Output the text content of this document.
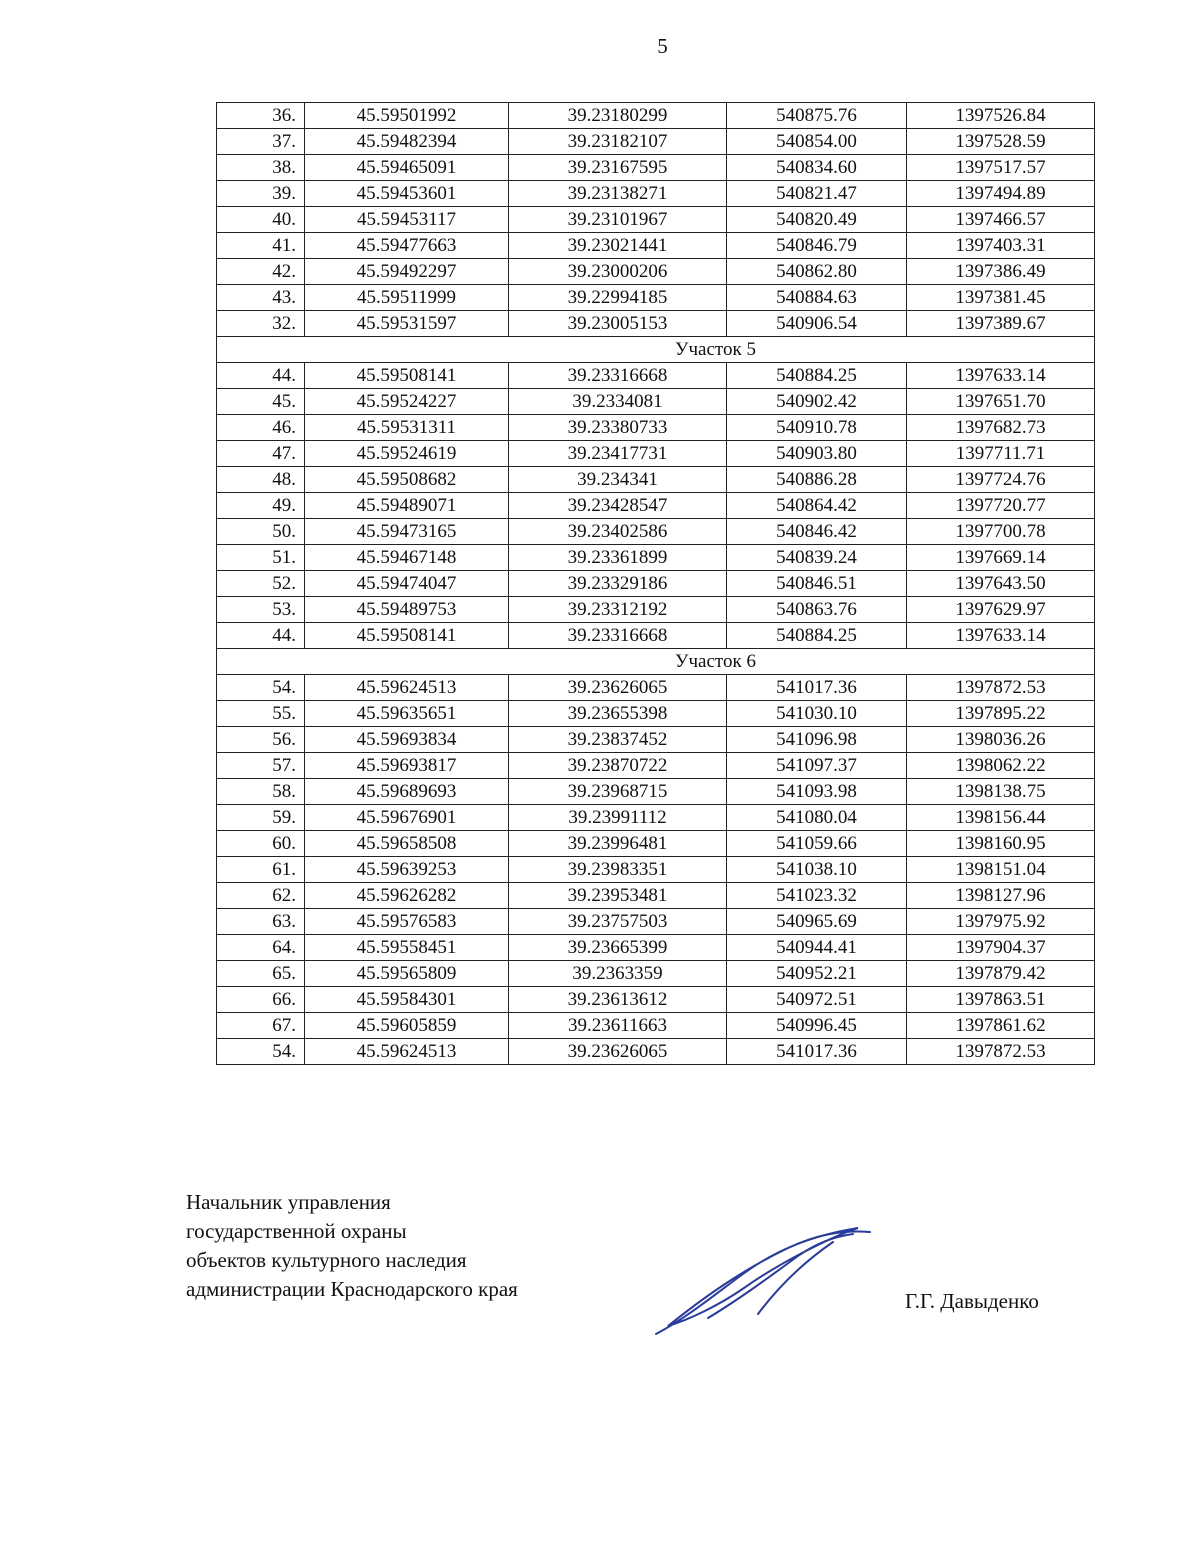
5
36.	45.59501992	39.23180299	540875.76	1397526.84
37.	45.59482394	39.23182107	540854.00	1397528.59
38.	45.59465091	39.23167595	540834.60	1397517.57
39.	45.59453601	39.23138271	540821.47	1397494.89
40.	45.59453117	39.23101967	540820.49	1397466.57
41.	45.59477663	39.23021441	540846.79	1397403.31
42.	45.59492297	39.23000206	540862.80	1397386.49
43.	45.59511999	39.22994185	540884.63	1397381.45
32.	45.59531597	39.23005153	540906.54	1397389.67
Участок 5				
44.	45.59508141	39.23316668	540884.25	1397633.14
45.	45.59524227	39.2334081	540902.42	1397651.70
46.	45.59531311	39.23380733	540910.78	1397682.73
47.	45.59524619	39.23417731	540903.80	1397711.71
48.	45.59508682	39.234341	540886.28	1397724.76
49.	45.59489071	39.23428547	540864.42	1397720.77
50.	45.59473165	39.23402586	540846.42	1397700.78
51.	45.59467148	39.23361899	540839.24	1397669.14
52.	45.59474047	39.23329186	540846.51	1397643.50
53.	45.59489753	39.23312192	540863.76	1397629.97
44.	45.59508141	39.23316668	540884.25	1397633.14
Участок 6				
54.	45.59624513	39.23626065	541017.36	1397872.53
55.	45.59635651	39.23655398	541030.10	1397895.22
56.	45.59693834	39.23837452	541096.98	1398036.26
57.	45.59693817	39.23870722	541097.37	1398062.22
58.	45.59689693	39.23968715	541093.98	1398138.75
59.	45.59676901	39.23991112	541080.04	1398156.44
60.	45.59658508	39.23996481	541059.66	1398160.95
61.	45.59639253	39.23983351	541038.10	1398151.04
62.	45.59626282	39.23953481	541023.32	1398127.96
63.	45.59576583	39.23757503	540965.69	1397975.92
64.	45.59558451	39.23665399	540944.41	1397904.37
65.	45.59565809	39.2363359	540952.21	1397879.42
66.	45.59584301	39.23613612	540972.51	1397863.51
67.	45.59605859	39.23611663	540996.45	1397861.62
54.	45.59624513	39.23626065	541017.36	1397872.53
Начальник управления
государственной охраны
объектов культурного наследия
администрации Краснодарского края	Г.Г. Давыденко
